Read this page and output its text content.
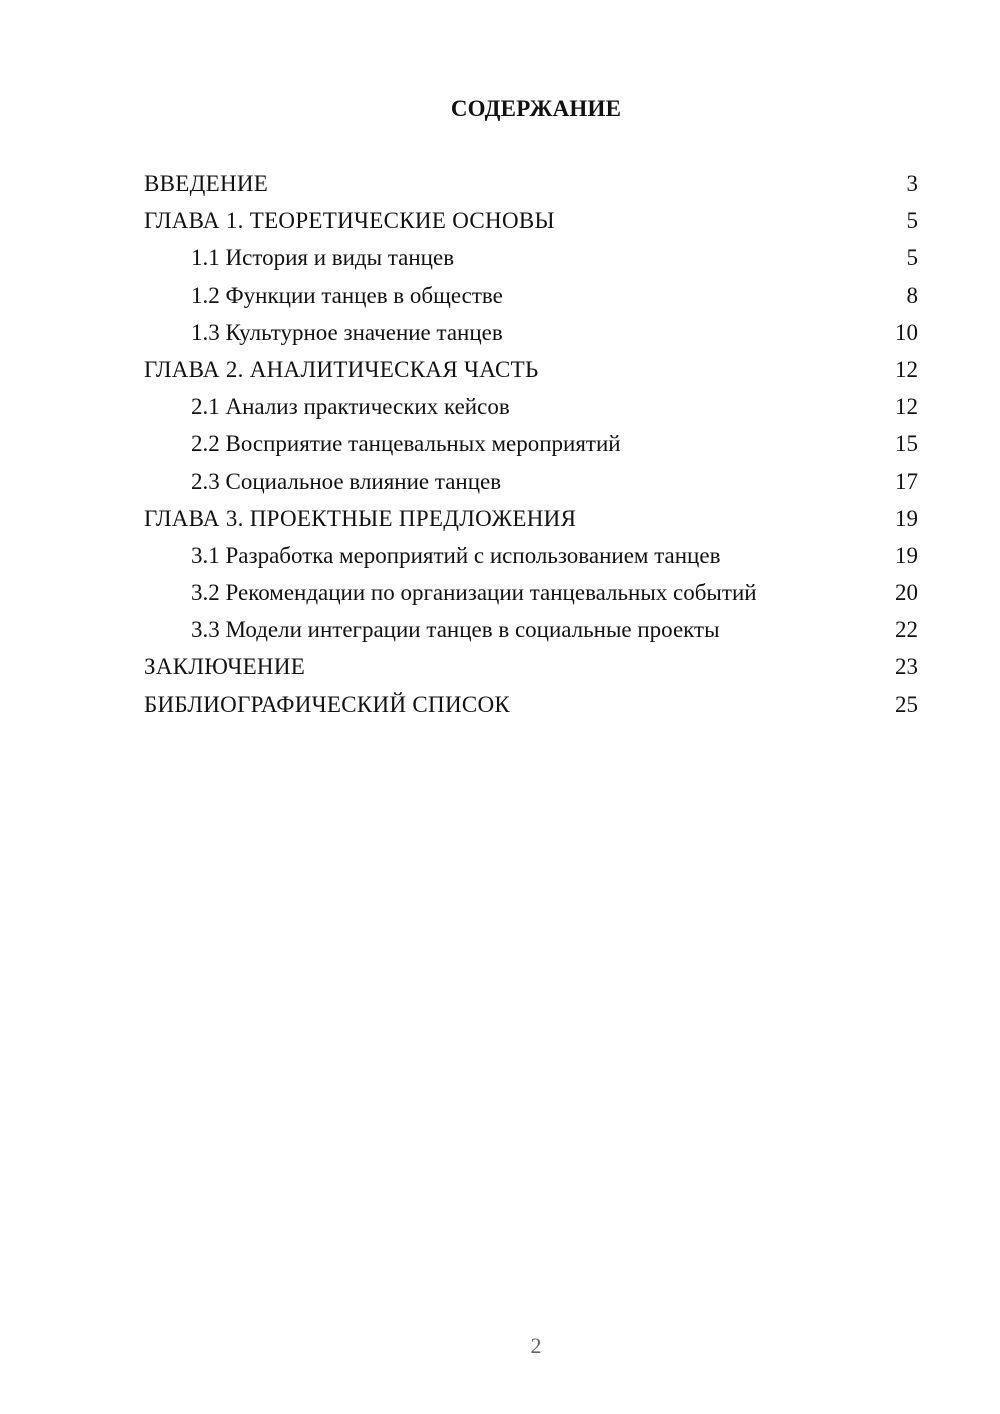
СОДЕРЖАНИЕ
ВВЕДЕНИЕ	3
ГЛАВА 1. ТЕОРЕТИЧЕСКИЕ ОСНОВЫ	5
1.1 История и виды танцев	5
1.2 Функции танцев в обществе	8
1.3 Культурное значение танцев	10
ГЛАВА 2. АНАЛИТИЧЕСКАЯ ЧАСТЬ	12
2.1 Анализ практических кейсов	12
2.2 Восприятие танцевальных мероприятий	15
2.3 Социальное влияние танцев	17
ГЛАВА 3. ПРОЕКТНЫЕ ПРЕДЛОЖЕНИЯ	19
3.1 Разработка мероприятий с использованием танцев	19
3.2 Рекомендации по организации танцевальных событий	20
3.3 Модели интеграции танцев в социальные проекты	22
ЗАКЛЮЧЕНИЕ	23
БИБЛИОГРАФИЧЕСКИЙ СПИСОК	25
2
